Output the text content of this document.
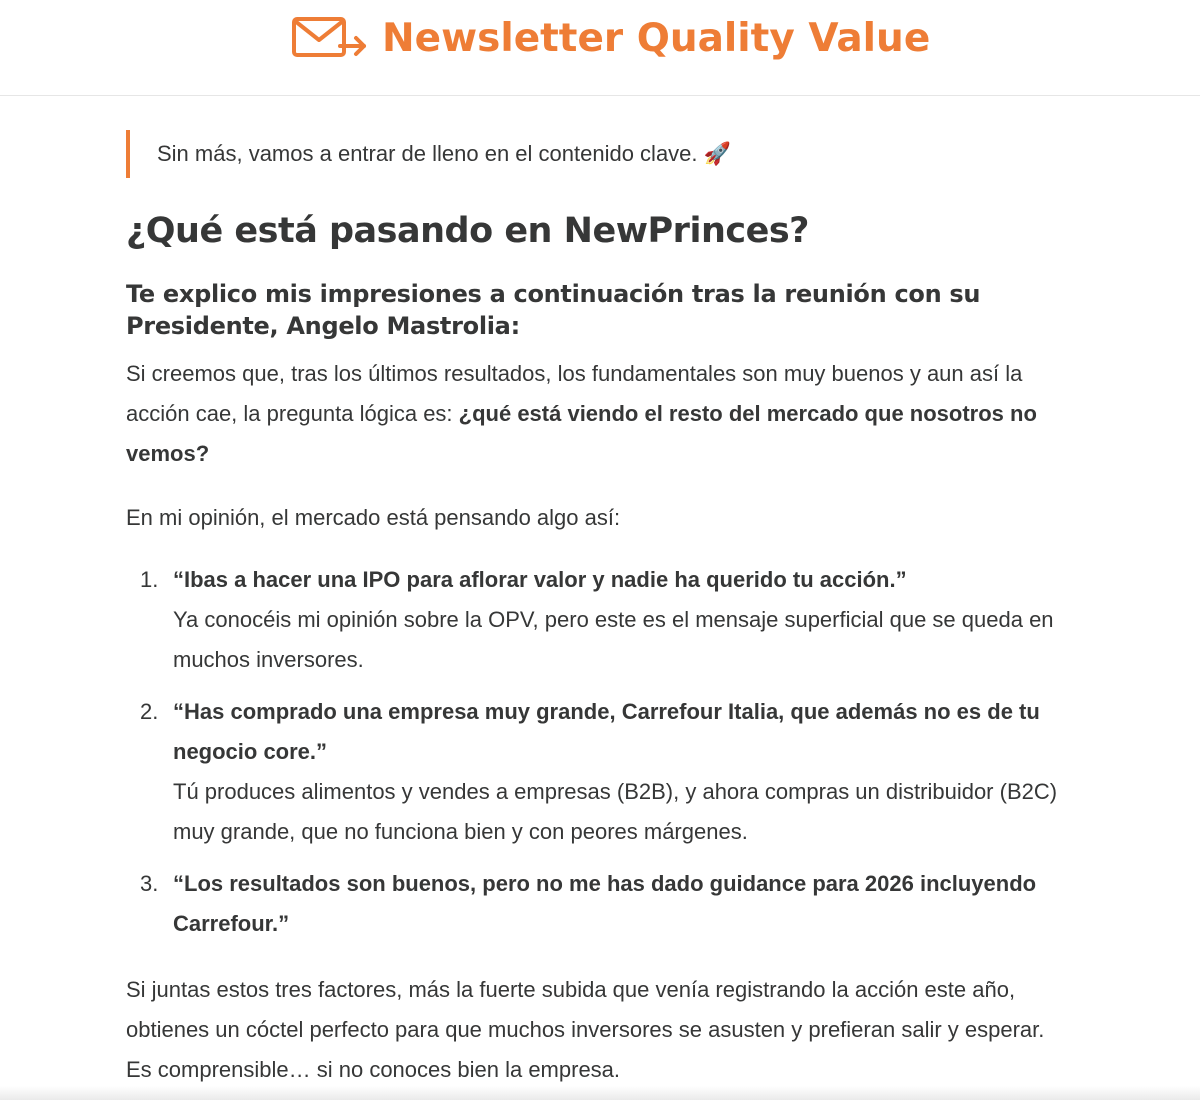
Newsletter Quality Value
Sin más, vamos a entrar de lleno en el contenido clave. 🚀
¿Qué está pasando en NewPrinces?
Te explico mis impresiones a continuación tras la reunión con su Presidente, Angelo Mastrolia:

Si creemos que, tras los últimos resultados, los fundamentales son muy buenos y aun así la acción cae, la pregunta lógica es: ¿qué está viendo el resto del mercado que nosotros no vemos?

En mi opinión, el mercado está pensando algo así:

1. “Ibas a hacer una IPO para aflorar valor y nadie ha querido tu acción.”
Ya conocéis mi opinión sobre la OPV, pero este es el mensaje superficial que se queda en muchos inversores.
2. “Has comprado una empresa muy grande, Carrefour Italia, que además no es de tu negocio core.”
Tú produces alimentos y vendes a empresas (B2B), y ahora compras un distribuidor (B2C) muy grande, que no funciona bien y con peores márgenes.
3. “Los resultados son buenos, pero no me has dado guidance para 2026 incluyendo Carrefour.”

Si juntas estos tres factores, más la fuerte subida que venía registrando la acción este año, obtienes un cóctel perfecto para que muchos inversores se asusten y prefieran salir y esperar. Es comprensible… si no conoces bien la empresa.
